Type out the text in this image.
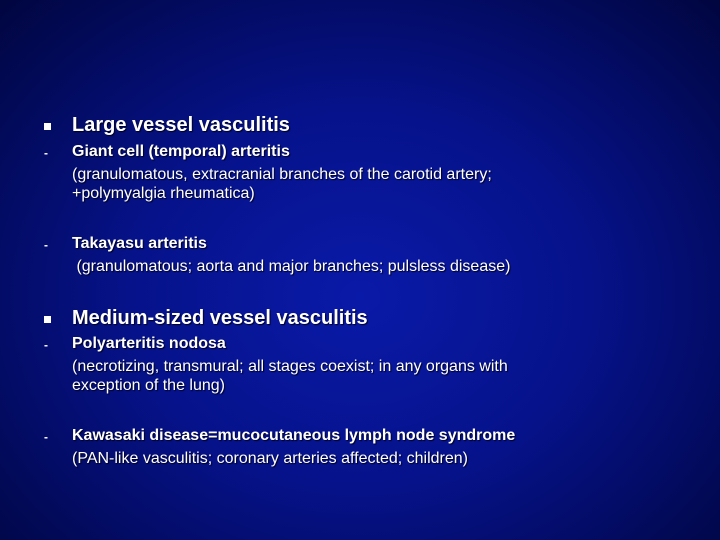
Large vessel vasculitis
- Giant cell (temporal) arteritis
(granulomatous, extracranial branches of the carotid artery;
+polymyalgia rheumatica)
- Takayasu arteritis
(granulomatous; aorta and major branches; pulsless disease)
Medium-sized vessel vasculitis
- Polyarteritis nodosa
(necrotizing, transmural; all stages coexist; in any organs with
exception of the lung)
- Kawasaki disease=mucocutaneous lymph node syndrome
(PAN-like vasculitis; coronary arteries affected; children)
